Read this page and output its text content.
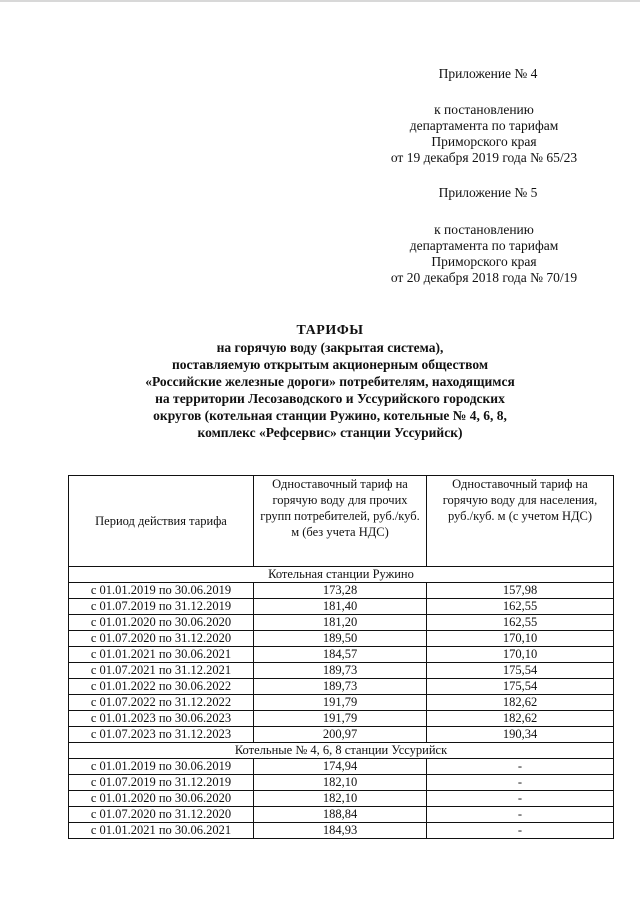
Приложение № 4
к постановлению
департамента по тарифам
Приморского края
от 19 декабря 2019 года № 65/23
Приложение № 5
к постановлению
департамента по тарифам
Приморского края
от 20 декабря 2018 года № 70/19
ТАРИФЫ
на горячую воду (закрытая система),
поставляемую открытым акционерным обществом
«Российские железные дороги» потребителям, находящимся
на территории Лесозаводского и Уссурийского городских
округов (котельная станции Ружино, котельные № 4, 6, 8,
комплекс «Рефсервис» станции Уссурийск)
Период действия тарифа	Одноставочный тариф на горячую воду для прочих групп потребителей, руб./куб. м (без учета НДС)	Одноставочный тариф на горячую воду для населения, руб./куб. м (с учетом НДС)
Котельная станции Ружино		
с 01.01.2019 по 30.06.2019	173,28	157,98
с 01.07.2019 по 31.12.2019	181,40	162,55
с 01.01.2020 по 30.06.2020	181,20	162,55
с 01.07.2020 по 31.12.2020	189,50	170,10
с 01.01.2021 по 30.06.2021	184,57	170,10
с 01.07.2021 по 31.12.2021	189,73	175,54
с 01.01.2022 по 30.06.2022	189,73	175,54
с 01.07.2022 по 31.12.2022	191,79	182,62
с 01.01.2023 по 30.06.2023	191,79	182,62
с 01.07.2023 по 31.12.2023	200,97	190,34
Котельные № 4, 6, 8 станции Уссурийск		
с 01.01.2019 по 30.06.2019	174,94	-
с 01.07.2019 по 31.12.2019	182,10	-
с 01.01.2020 по 30.06.2020	182,10	-
с 01.07.2020 по 31.12.2020	188,84	-
с 01.01.2021 по 30.06.2021	184,93	-
